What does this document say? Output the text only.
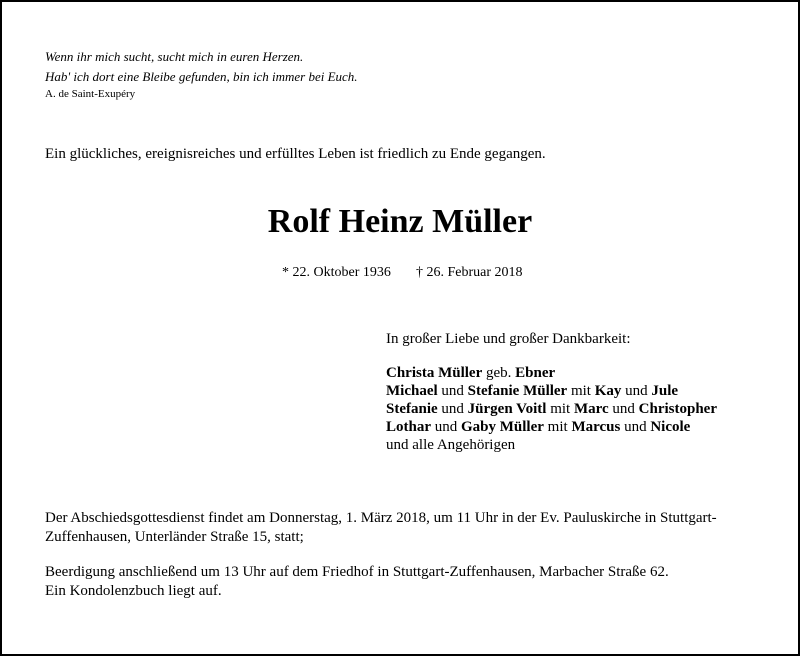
Wenn ihr mich sucht, sucht mich in euren Herzen.
Hab' ich dort eine Bleibe gefunden, bin ich immer bei Euch.
A. de Saint-Exupéry
Ein glückliches, ereignisreiches und erfülltes Leben ist friedlich zu Ende gegangen.
Rolf Heinz Müller
* 22. Oktober 1936 † 26. Februar 2018
In großer Liebe und großer Dankbarkeit:
Christa Müller geb. Ebner
Michael und Stefanie Müller mit Kay und Jule
Stefanie und Jürgen Voitl mit Marc und Christopher
Lothar und Gaby Müller mit Marcus und Nicole
und alle Angehörigen
Der Abschiedsgottesdienst findet am Donnerstag, 1. März 2018, um 11 Uhr in der Ev. Pauluskirche in Stuttgart-
Zuffenhausen, Unterländer Straße 15, statt;
Beerdigung anschließend um 13 Uhr auf dem Friedhof in Stuttgart-Zuffenhausen, Marbacher Straße 62.
Ein Kondolenzbuch liegt auf.
